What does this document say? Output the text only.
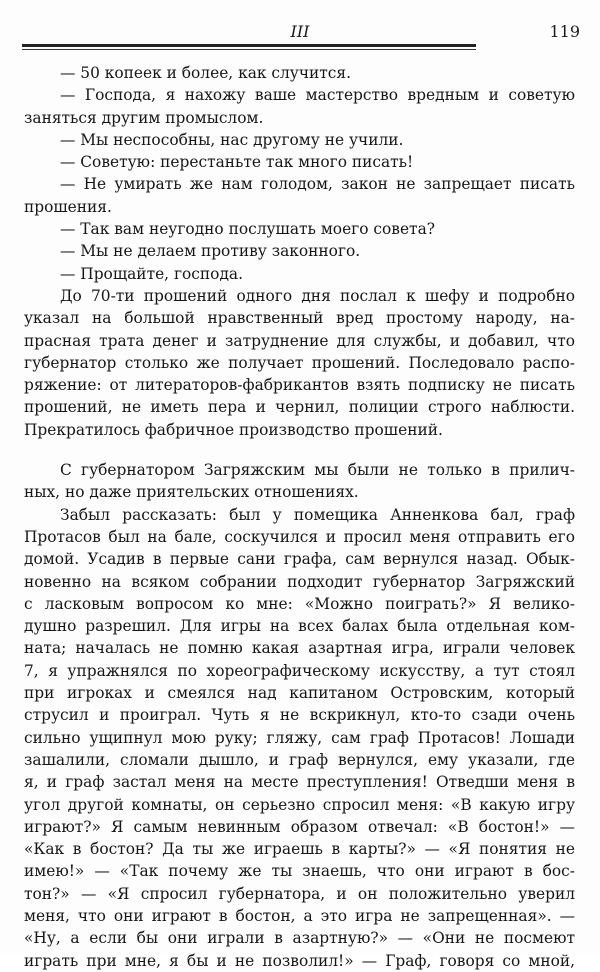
III	119
— 50 копеек и более, как случится.
— Господа, я нахожу ваше мастерство вредным и советую
заняться другим промыслом.
— Мы неспособны, нас другому не учили.
— Советую: перестаньте так много писать!
— Не умирать же нам голодом, закон не запрещает писать
прошения.
— Так вам неугодно послушать моего совета?
— Мы не делаем противу законного.
— Прощайте, господа.
До 70-ти прошений одного дня послал к шефу и подробно
указал на большой нравственный вред простому народу, на-
прасная трата денег и затруднение для службы, и добавил, что
губернатор столько же получает прошений. Последовало распо-
ряжение: от литераторов-фабрикантов взять подписку не писать
прошений, не иметь пера и чернил, полиции строго наблюсти.
Прекратилось фабричное производство прошений.
С губернатором Загряжским мы были не только в прилич-
ных, но даже приятельских отношениях.
Забыл рассказать: был у помещика Анненкова бал, граф
Протасов был на бале, соскучился и просил меня отправить его
домой. Усадив в первые сани графа, сам вернулся назад. Обык-
новенно на всяком собрании подходит губернатор Загряжский
с ласковым вопросом ко мне: «Можно поиграть?» Я велико-
душно разрешил. Для игры на всех балах была отдельная ком-
ната; началась не помню какая азартная игра, играли человек
7, я упражнялся по хореографическому искусству, а тут стоял
при игроках и смеялся над капитаном Островским, который
струсил и проиграл. Чуть я не вскрикнул, кто-то сзади очень
сильно ущипнул мою руку; гляжу, сам граф Протасов! Лошади
зашалили, сломали дышло, и граф вернулся, ему указали, где
я, и граф застал меня на месте преступления! Отведши меня в
угол другой комнаты, он серьезно спросил меня: «В какую игру
играют?» Я самым невинным образом отвечал: «В бостон!» —
«Как в бостон? Да ты же играешь в карты?» — «Я понятия не
имею!» — «Так почему же ты знаешь, что они играют в бос-
тон?» — «Я спросил губернатора, и он положительно уверил
меня, что они играют в бостон, а это игра не запрещенная». —
«Ну, а если бы они играли в азартную?» — «Они не посмеют
играть при мне, я бы и не позволил!» — Граф, говоря со мной,
